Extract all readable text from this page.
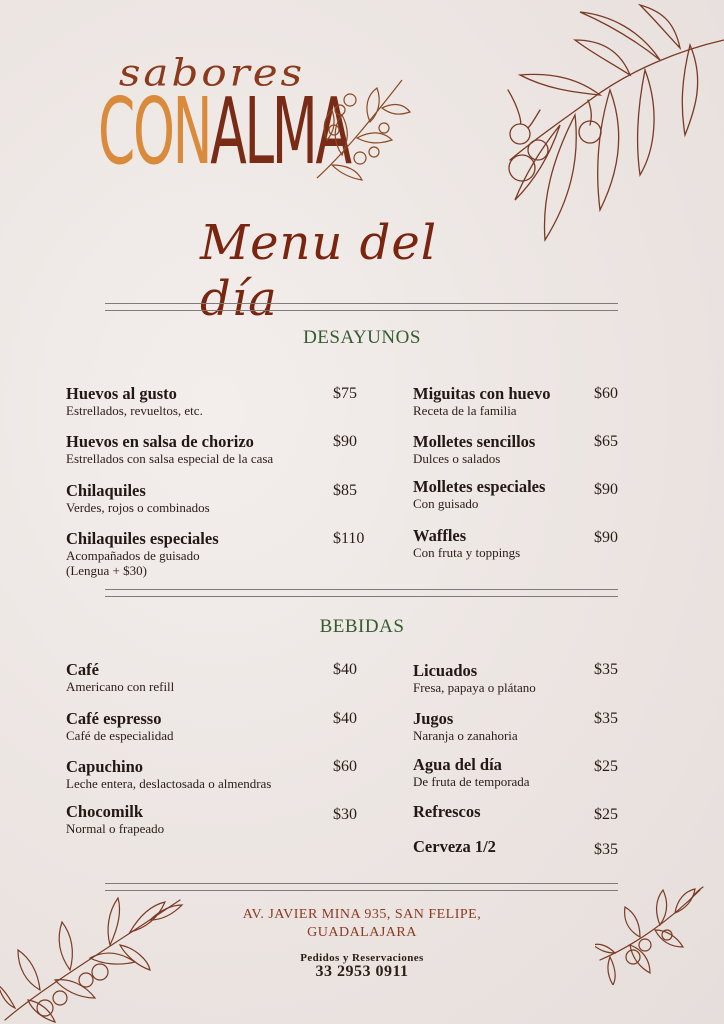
sabores
CONALMA
Menu del día
DESAYUNOS
Huevos al gusto
Estrellados, revueltos, etc.
$75
Huevos en salsa de chorizo
Estrellados con salsa especial de la casa
$90
Chilaquiles
Verdes, rojos o combinados
$85
Chilaquiles especiales
Acompañados de guisado
(Lengua + $30)
$110
Miguitas con huevo
Receta de la familia
$60
Molletes sencillos
Dulces o salados
$65
Molletes especiales
Con guisado
$90
Waffles
Con fruta y toppings
$90
BEBIDAS
Café
Americano con refill
$40
Café espresso
Café de especialidad
$40
Capuchino
Leche entera, deslactosada o almendras
$60
Chocomilk
Normal o frapeado
$30
Licuados
Fresa, papaya o plátano
$35
Jugos
Naranja o zanahoria
$35
Agua del día
De fruta de temporada
$25
Refrescos	$25
Cerveza 1/2	$35
AV. JAVIER MINA 935, SAN FELIPE,
GUADALAJARA
Pedidos y Reservaciones
33 2953 0911
